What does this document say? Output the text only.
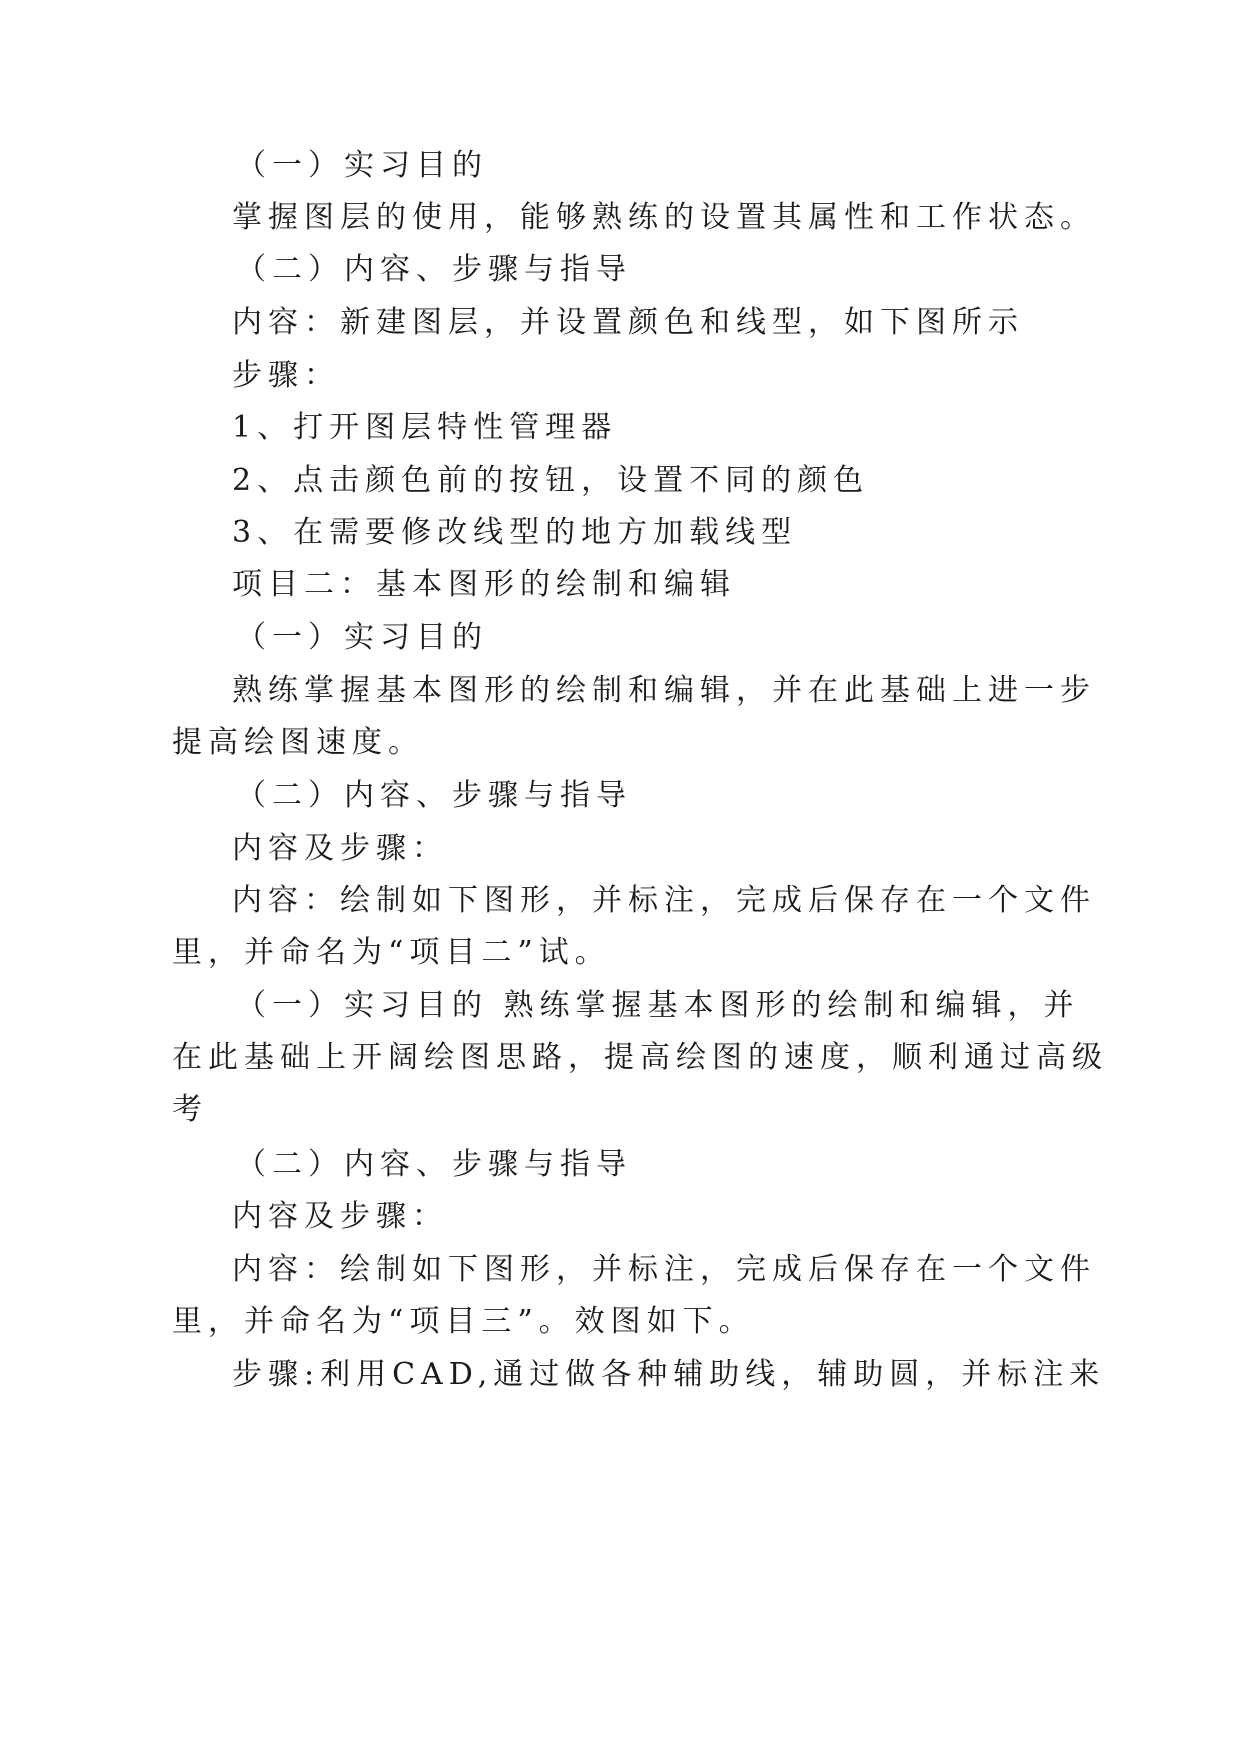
（一）实习目的
掌握图层的使用，能够熟练的设置其属性和工作状态。
（二）内容、步骤与指导
内容：新建图层，并设置颜色和线型，如下图所示
步骤：
1、打开图层特性管理器
2、点击颜色前的按钮，设置不同的颜色
3、在需要修改线型的地方加载线型
项目二：基本图形的绘制和编辑
（一）实习目的
熟练掌握基本图形的绘制和编辑，并在此基础上进一步
提高绘图速度。
（二）内容、步骤与指导
内容及步骤：
内容：绘制如下图形，并标注，完成后保存在一个文件
里，并命名为“项目二”试。
（一）实习目的 熟练掌握基本图形的绘制和编辑，并
在此基础上开阔绘图思路，提高绘图的速度，顺利通过高级
考
（二）内容、步骤与指导
内容及步骤：
内容：绘制如下图形，并标注，完成后保存在一个文件
里，并命名为“项目三”。效图如下。
步骤:利用CAD,通过做各种辅助线，辅助圆，并标注来
